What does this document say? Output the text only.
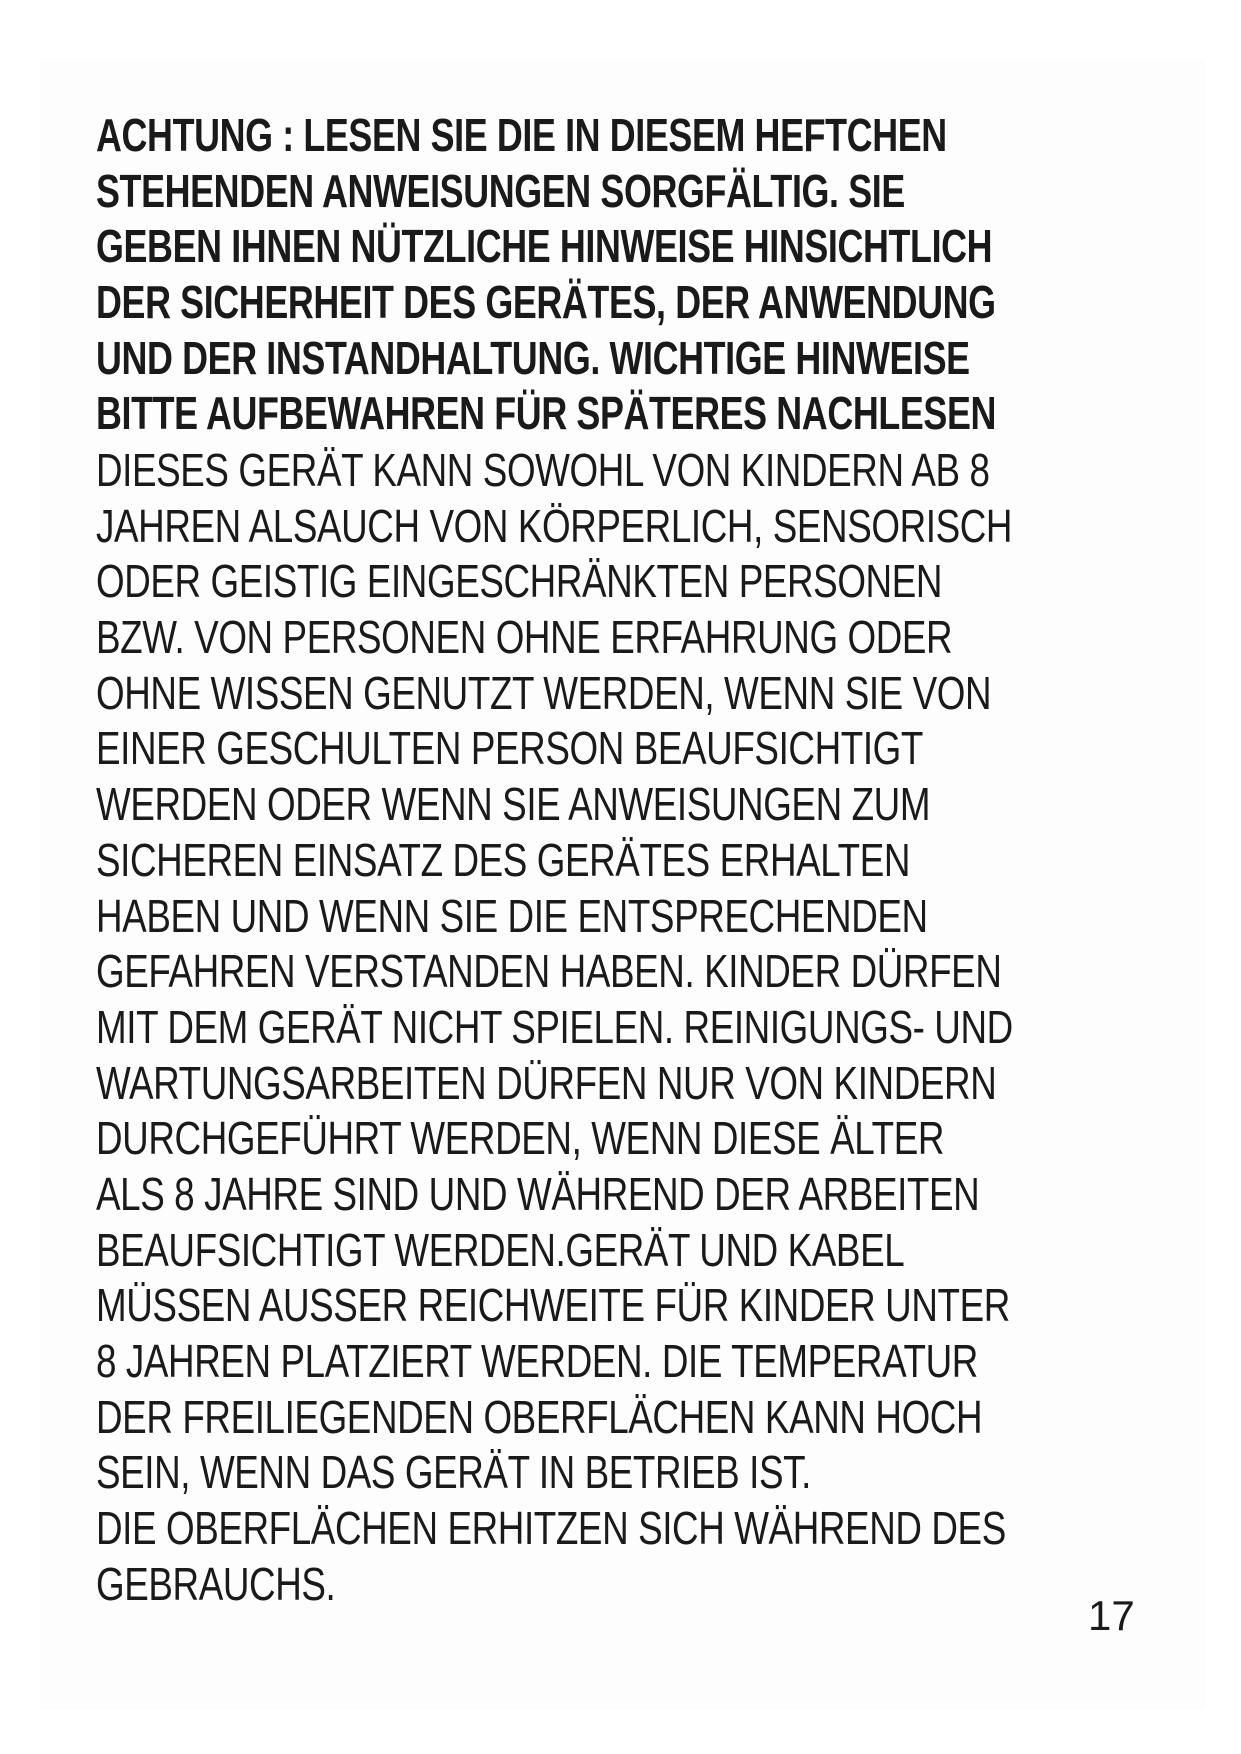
ACHTUNG : LESEN SIE DIE IN DIESEM HEFTCHEN
STEHENDEN ANWEISUNGEN SORGFÄLTIG. SIE
GEBEN IHNEN NÜTZLICHE HINWEISE HINSICHTLICH
DER SICHERHEIT DES GERÄTES, DER ANWENDUNG
UND DER INSTANDHALTUNG. WICHTIGE HINWEISE
BITTE AUFBEWAHREN FÜR SPÄTERES NACHLESEN
DIESES GERÄT KANN SOWOHL VON KINDERN AB 8
JAHREN ALSAUCH VON KÖRPERLICH, SENSORISCH
ODER GEISTIG EINGESCHRÄNKTEN PERSONEN
BZW. VON PERSONEN OHNE ERFAHRUNG ODER
OHNE WISSEN GENUTZT WERDEN, WENN SIE VON
EINER GESCHULTEN PERSON BEAUFSICHTIGT
WERDEN ODER WENN SIE ANWEISUNGEN ZUM
SICHEREN EINSATZ DES GERÄTES ERHALTEN
HABEN UND WENN SIE DIE ENTSPRECHENDEN
GEFAHREN VERSTANDEN HABEN. KINDER DÜRFEN
MIT DEM GERÄT NICHT SPIELEN. REINIGUNGS- UND
WARTUNGSARBEITEN DÜRFEN NUR VON KINDERN
DURCHGEFÜHRT WERDEN, WENN DIESE ÄLTER
ALS 8 JAHRE SIND UND WÄHREND DER ARBEITEN
BEAUFSICHTIGT WERDEN.GERÄT UND KABEL
MÜSSEN AUSSER REICHWEITE FÜR KINDER UNTER
8 JAHREN PLATZIERT WERDEN. DIE TEMPERATUR
DER FREILIEGENDEN OBERFLÄCHEN KANN HOCH
SEIN, WENN DAS GERÄT IN BETRIEB IST.
DIE OBERFLÄCHEN ERHITZEN SICH WÄHREND DES
GEBRAUCHS.

17
